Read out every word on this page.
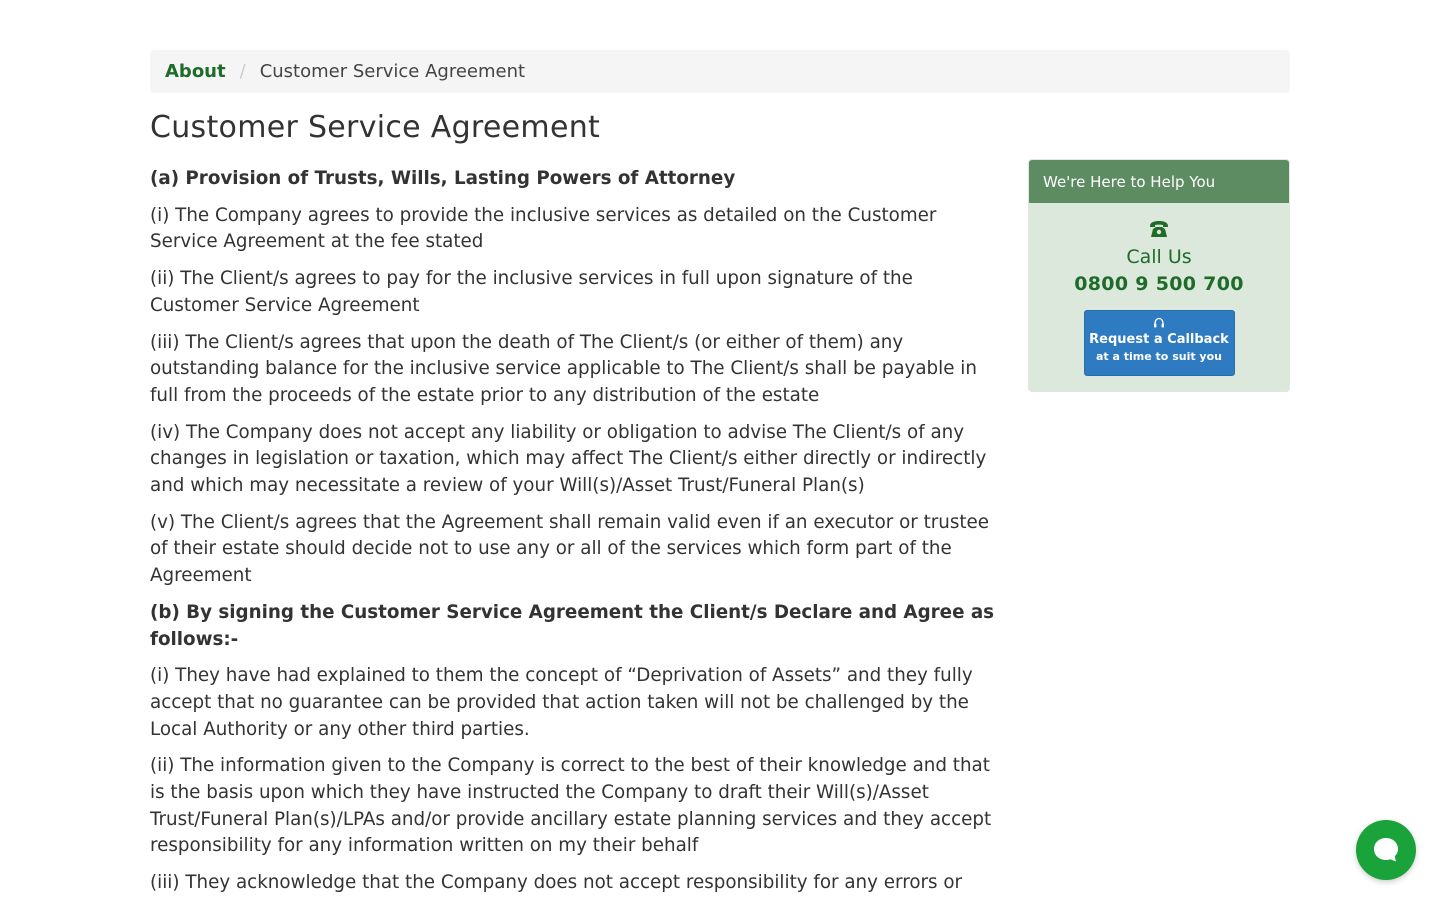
About / Customer Service Agreement
Customer Service Agreement
(a) Provision of Trusts, Wills, Lasting Powers of Attorney

(i) The Company agrees to provide the inclusive services as detailed on the Customer Service Agreement at the fee stated

(ii) The Client/s agrees to pay for the inclusive services in full upon signature of the Customer Service Agreement

(iii) The Client/s agrees that upon the death of The Client/s (or either of them) any outstanding balance for the inclusive service applicable to The Client/s shall be payable in full from the proceeds of the estate prior to any distribution of the estate

(iv) The Company does not accept any liability or obligation to advise The Client/s of any changes in legislation or taxation, which may affect The Client/s either directly or indirectly and which may necessitate a review of your Will(s)/Asset Trust/Funeral Plan(s)

(v) The Client/s agrees that the Agreement shall remain valid even if an executor or trustee of their estate should decide not to use any or all of the services which form part of the Agreement

(b) By signing the Customer Service Agreement the Client/s Declare and Agree as follows:-

(i) They have had explained to them the concept of “Deprivation of Assets” and they fully accept that no guarantee can be provided that action taken will not be challenged by the Local Authority or any other third parties.

(ii) The information given to the Company is correct to the best of their knowledge and that is the basis upon which they have instructed the Company to draft their Will(s)/Asset Trust/Funeral Plan(s)/LPAs and/or provide ancillary estate planning services and they accept responsibility for any information written on my their behalf

(iii) They acknowledge that the Company does not accept responsibility for any errors or

We're Here to Help You
Call Us
0800 9 500 700
Request a Callback
at a time to suit you
